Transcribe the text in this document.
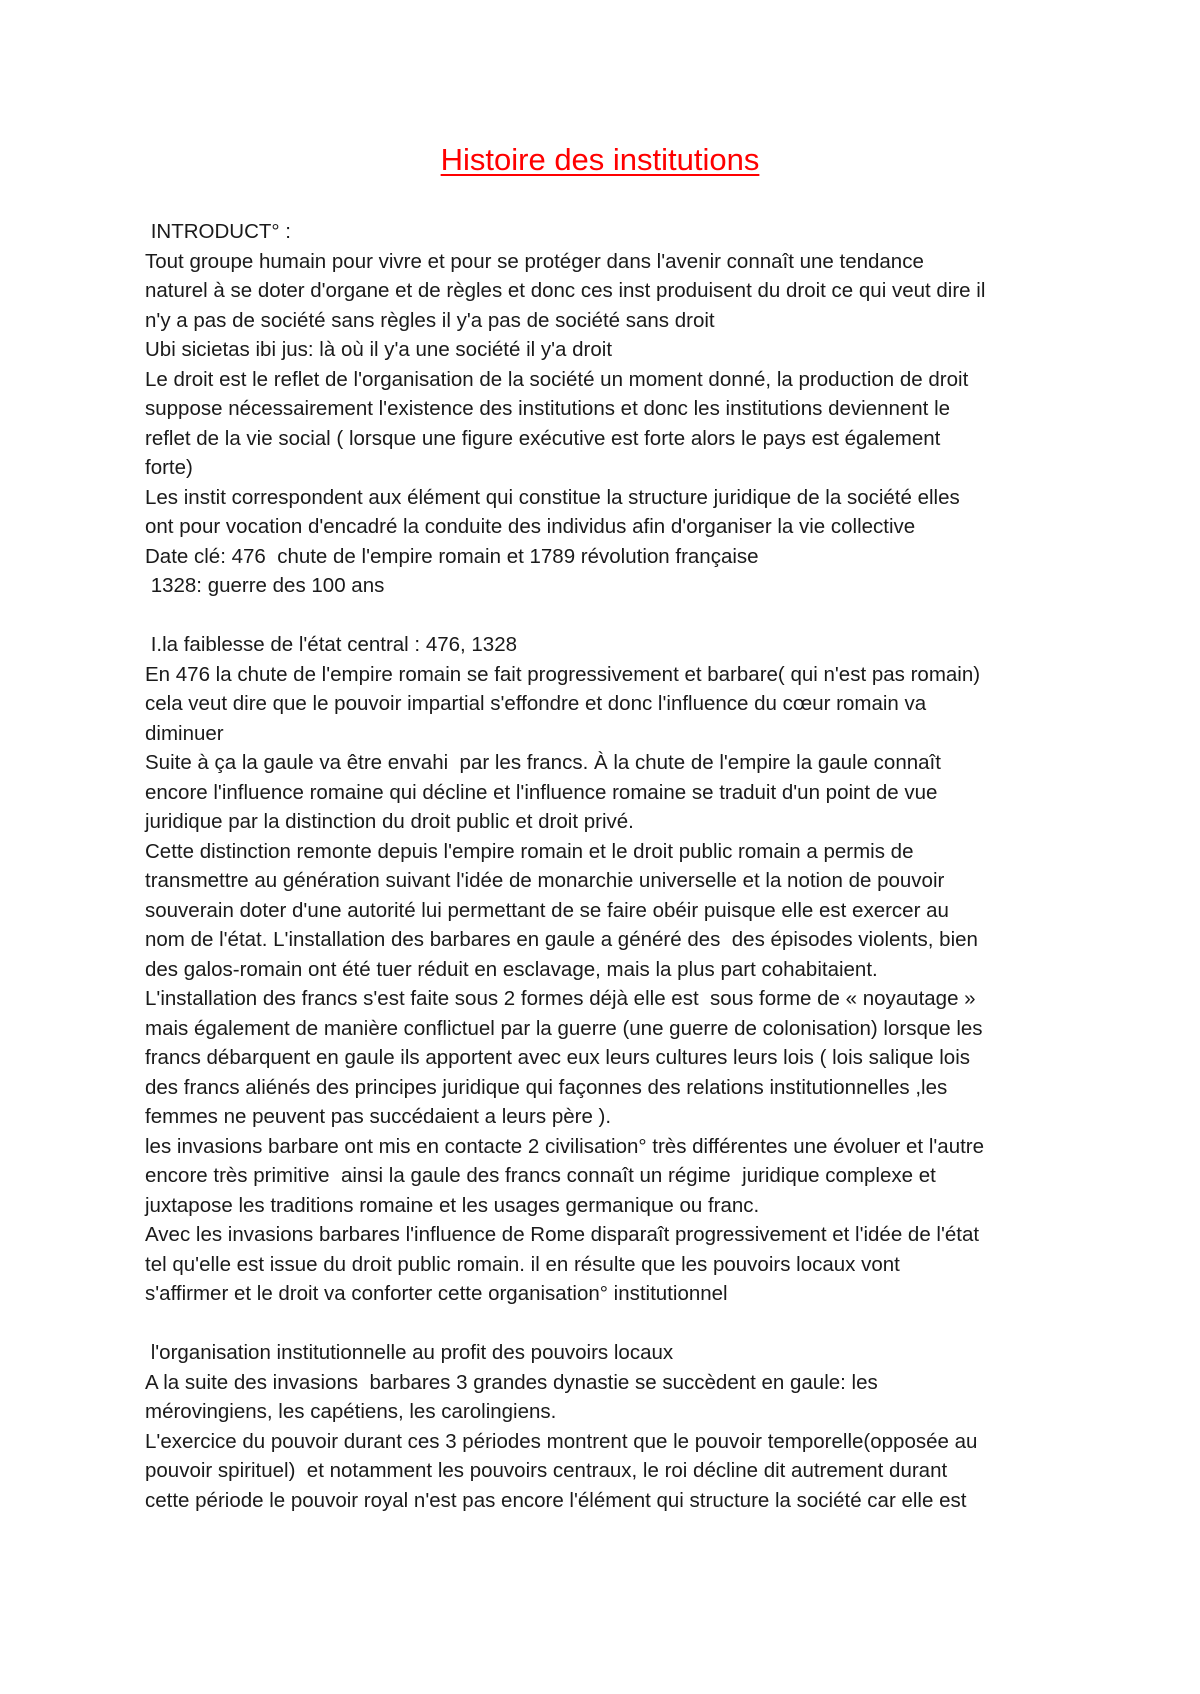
Histoire des institutions
INTRODUCT° :
Tout groupe humain pour vivre et pour se protéger dans l'avenir connaît une tendance
naturel à se doter d'organe et de règles et donc ces inst produisent du droit ce qui veut dire il
n'y a pas de société sans règles il y'a pas de société sans droit
Ubi sicietas ibi jus: là où il y'a une société il y'a droit
Le droit est le reflet de l'organisation de la société un moment donné, la production de droit
suppose nécessairement l'existence des institutions et donc les institutions deviennent le
reflet de la vie social ( lorsque une figure exécutive est forte alors le pays est également
forte)
Les instit correspondent aux élément qui constitue la structure juridique de la société elles
ont pour vocation d'encadré la conduite des individus afin d'organiser la vie collective
Date clé: 476  chute de l'empire romain et 1789 révolution française
1328: guerre des 100 ans
I.la faiblesse de l'état central : 476, 1328
En 476 la chute de l'empire romain se fait progressivement et barbare( qui n'est pas romain)
cela veut dire que le pouvoir impartial s'effondre et donc l'influence du cœur romain va
diminuer
Suite à ça la gaule va être envahi  par les francs. À la chute de l'empire la gaule connaît
encore l'influence romaine qui décline et l'influence romaine se traduit d'un point de vue
juridique par la distinction du droit public et droit privé.
Cette distinction remonte depuis l'empire romain et le droit public romain a permis de
transmettre au génération suivant l'idée de monarchie universelle et la notion de pouvoir
souverain doter d'une autorité lui permettant de se faire obéir puisque elle est exercer au
nom de l'état. L'installation des barbares en gaule a généré des  des épisodes violents, bien
des galos-romain ont été tuer réduit en esclavage, mais la plus part cohabitaient.
L'installation des francs s'est faite sous 2 formes déjà elle est  sous forme de « noyautage »
mais également de manière conflictuel par la guerre (une guerre de colonisation) lorsque les
francs débarquent en gaule ils apportent avec eux leurs cultures leurs lois ( lois salique lois
des francs aliénés des principes juridique qui façonnes des relations institutionnelles ,les
femmes ne peuvent pas succédaient a leurs père ).
les invasions barbare ont mis en contacte 2 civilisation° très différentes une évoluer et l'autre
encore très primitive  ainsi la gaule des francs connaît un régime  juridique complexe et
juxtapose les traditions romaine et les usages germanique ou franc.
Avec les invasions barbares l'influence de Rome disparaît progressivement et l'idée de l'état
tel qu'elle est issue du droit public romain. il en résulte que les pouvoirs locaux vont
s'affirmer et le droit va conforter cette organisation° institutionnel
l'organisation institutionnelle au profit des pouvoirs locaux
A la suite des invasions  barbares 3 grandes dynastie se succèdent en gaule: les
mérovingiens, les capétiens, les carolingiens.
L'exercice du pouvoir durant ces 3 périodes montrent que le pouvoir temporelle(opposée au
pouvoir spirituel)  et notamment les pouvoirs centraux, le roi décline dit autrement durant
cette période le pouvoir royal n'est pas encore l'élément qui structure la société car elle est
